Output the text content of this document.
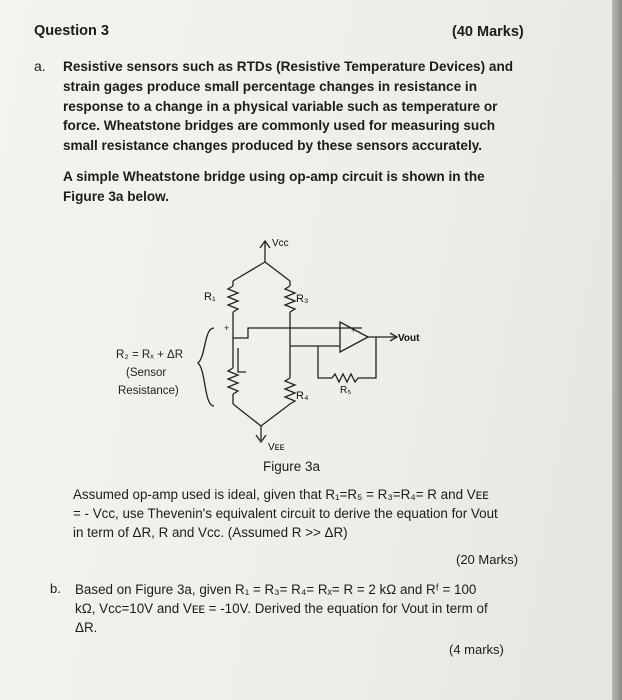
Question 3	(40 Marks)
a. Resistive sensors such as RTDs (Resistive Temperature Devices) and
strain gages produce small percentage changes in resistance in
response to a change in a physical variable such as temperature or
force. Wheatstone bridges are commonly used for measuring such
small resistance changes produced by these sensors accurately.
A simple Wheatstone bridge using op-amp circuit is shown in the
Figure 3a below.
+
+
Vcc
R₁	R₃
R₄	R₅
Vout
R₂ = Rₓ + ΔR
(Sensor
Resistance)
Vᴇᴇ
Figure 3a
Assumed op-amp used is ideal, given that R₁=R₅ = R₃=R₄= R and Vᴇᴇ
= - Vcc, use Thevenin's equivalent circuit to derive the equation for Vout
in term of ΔR, R and Vcc. (Assumed R >> ΔR)
(20 Marks)
b. Based on Figure 3a, given R₁ = R₃= R₄= Rₓ= R = 2 kΩ and Rᶠ = 100
kΩ, Vcc=10V and Vᴇᴇ = -10V. Derived the equation for Vout in term of
ΔR.
(4 marks)
